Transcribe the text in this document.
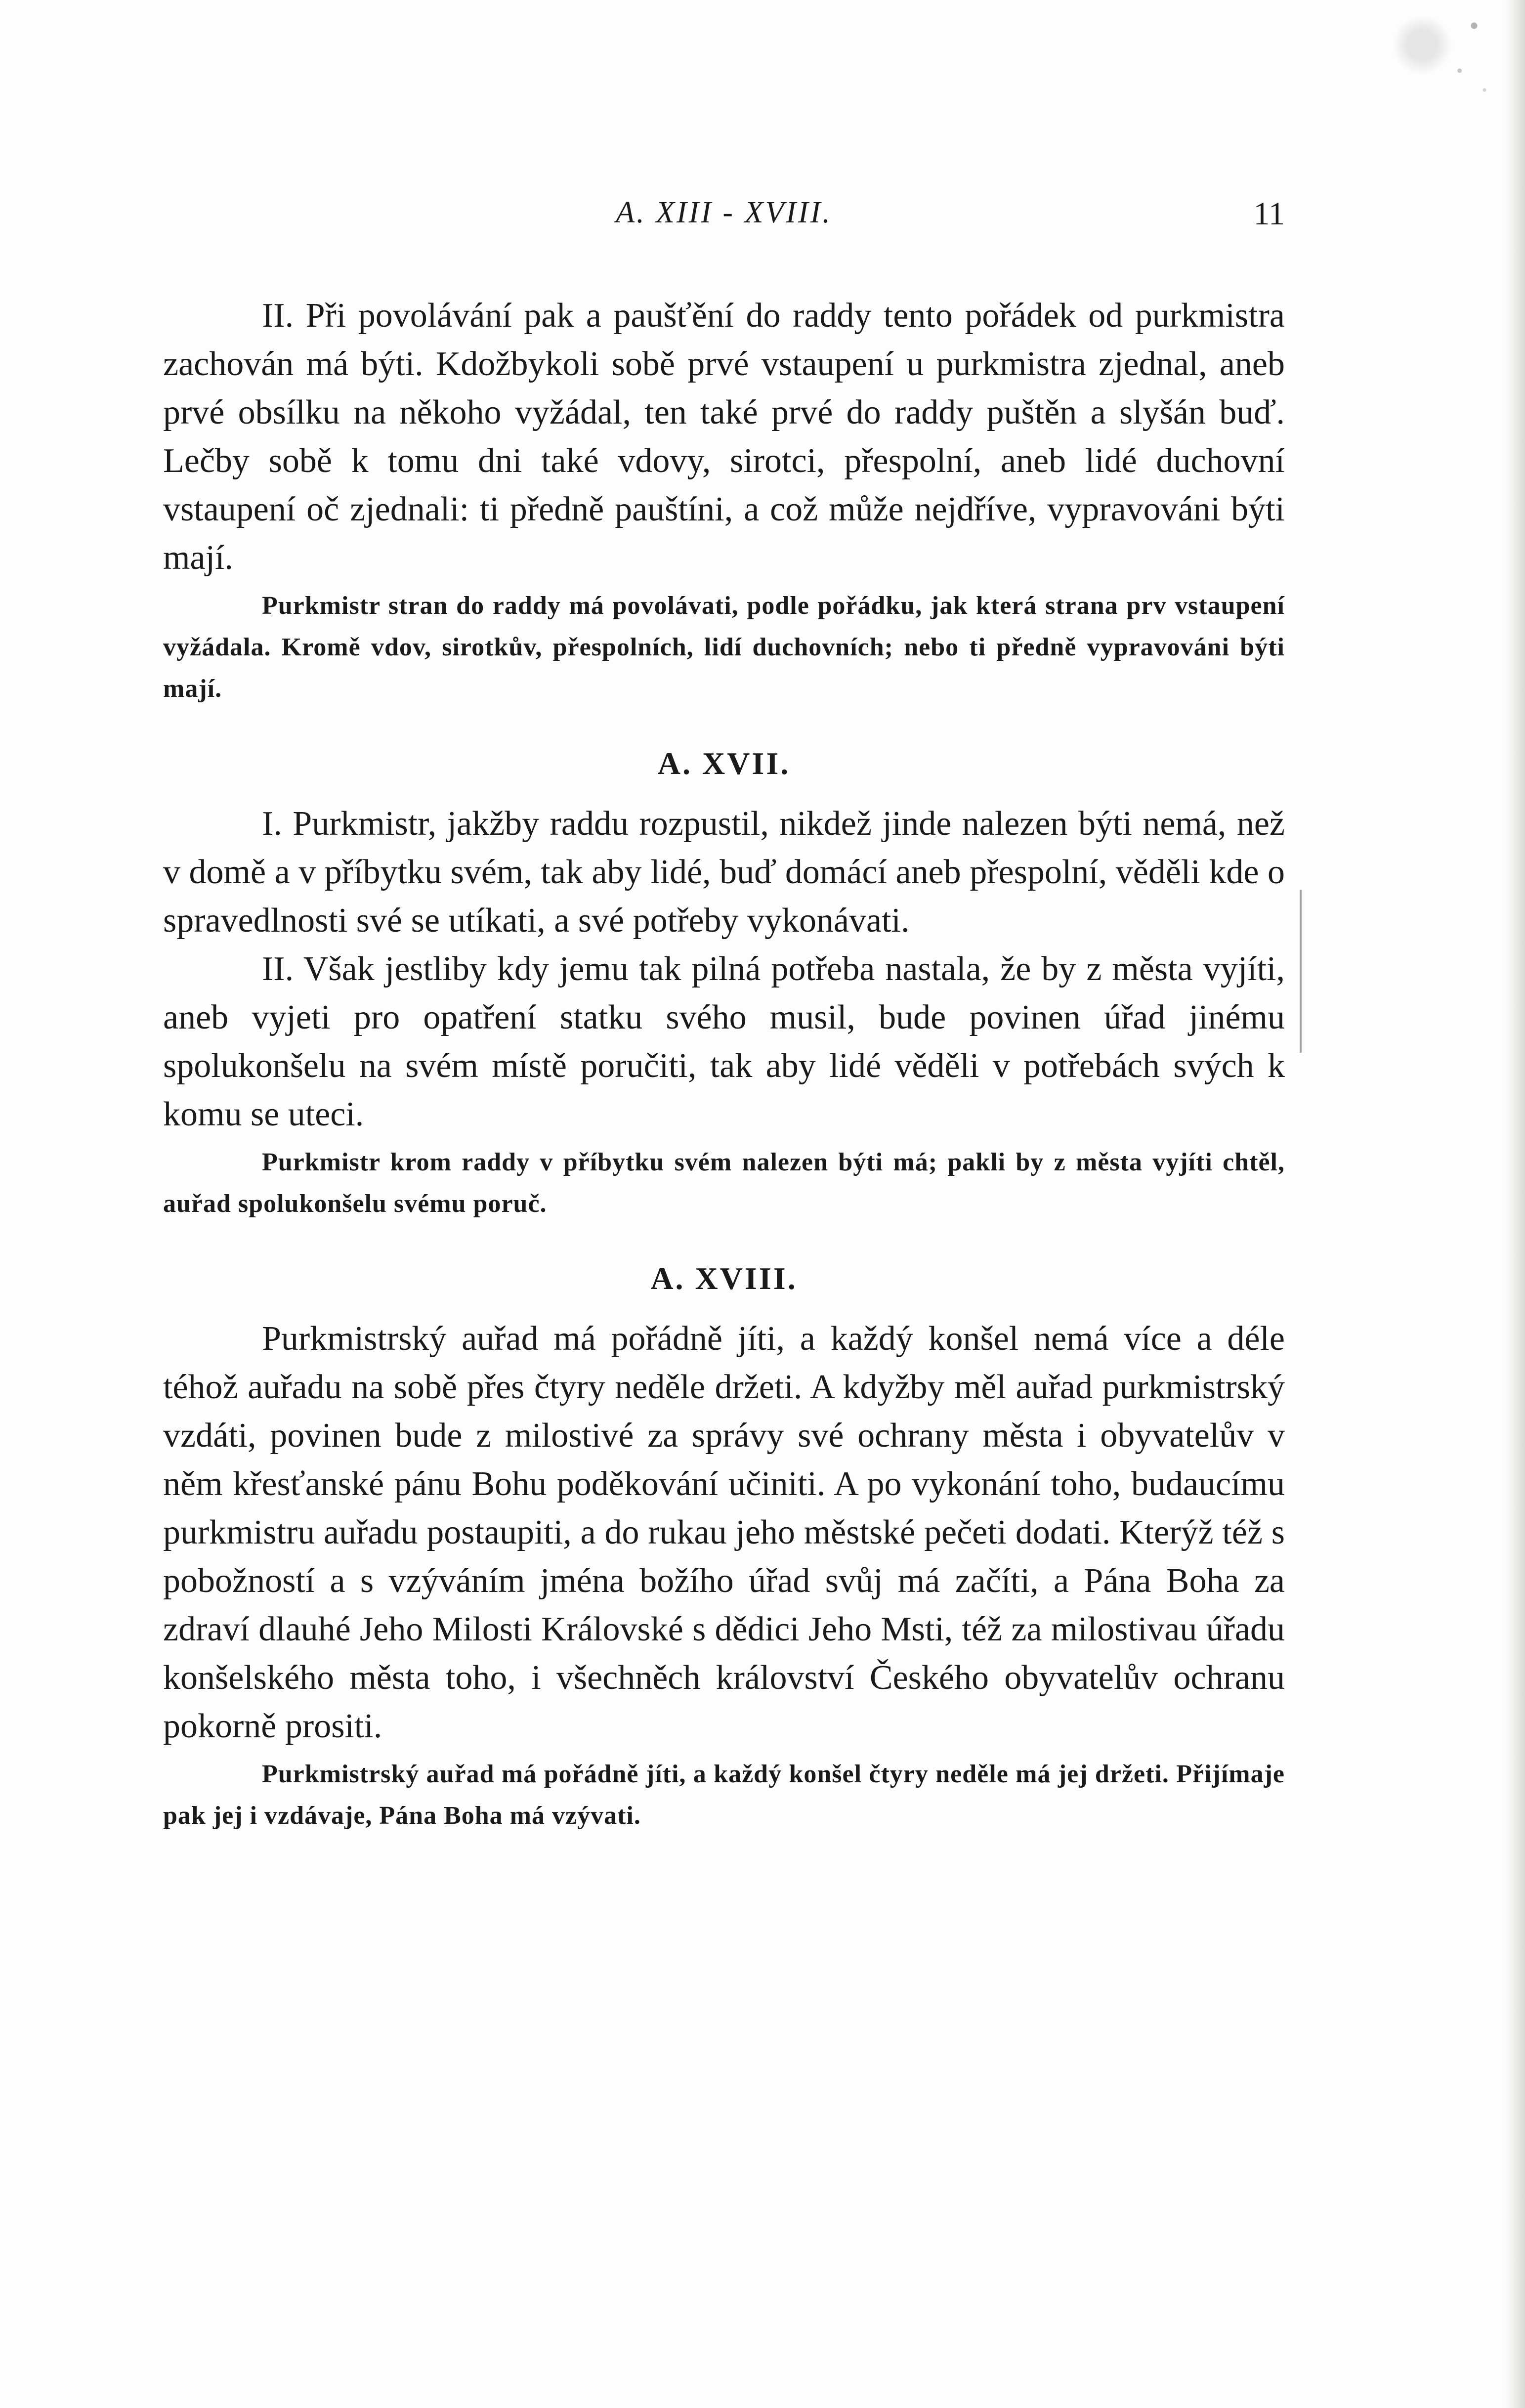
A. XIII - XVIII.	11

II. Při povolávání pak a paušťění do raddy tento pořádek od purkmistra zachován má býti. Kdožbykoli sobě prvé vstaupení u purkmistra zjednal, aneb prvé obsílku na někoho vyžádal, ten také prvé do raddy puštěn a slyšán buď. Lečby sobě k tomu dni také vdovy, sirotci, přespolní, aneb lidé duchovní vstaupení oč zjednali: ti předně pauštíni, a což může nejdříve, vypravováni býti mají.

Purkmistr stran do raddy má povolávati, podle pořádku, jak která strana prv vstaupení vyžádala. Kromě vdov, sirotkův, přespolních, lidí duchovních; nebo ti předně vypravováni býti mají.

A. XVII.

I. Purkmistr, jakžby raddu rozpustil, nikdež jinde nalezen býti nemá, než v domě a v příbytku svém, tak aby lidé, buď domácí aneb přespolní, věděli kde o spravedlnosti své se utíkati, a své potřeby vykonávati.

II. Však jestliby kdy jemu tak pilná potřeba nastala, že by z města vyjíti, aneb vyjeti pro opatření statku svého musil, bude povinen úřad jinému spolukonšelu na svém místě poručiti, tak aby lidé věděli v potřebách svých k komu se uteci.

Purkmistr krom raddy v příbytku svém nalezen býti má; pakli by z města vyjíti chtěl, auřad spolukonšelu svému poruč.

A. XVIII.

Purkmistrský auřad má pořádně jíti, a každý konšel nemá více a déle téhož auřadu na sobě přes čtyry neděle držeti. A kdyžby měl auřad purkmistrský vzdáti, povinen bude z milostivé za správy své ochrany města i obyvatelův v něm křesťanské pánu Bohu poděkování učiniti. A po vykonání toho, budaucímu purkmistru auřadu postaupiti, a do rukau jeho městské pečeti dodati. Kterýž též s pobožností a s vzýváním jména božího úřad svůj má začíti, a Pána Boha za zdraví dlauhé Jeho Milosti Královské s dědici Jeho Msti, též za milostivau úřadu konšelského města toho, i všechněch království Českého obyvatelův ochranu pokorně prositi.

Purkmistrský auřad má pořádně jíti, a každý konšel čtyry neděle má jej držeti. Přijímaje pak jej i vzdávaje, Pána Boha má vzývati.
